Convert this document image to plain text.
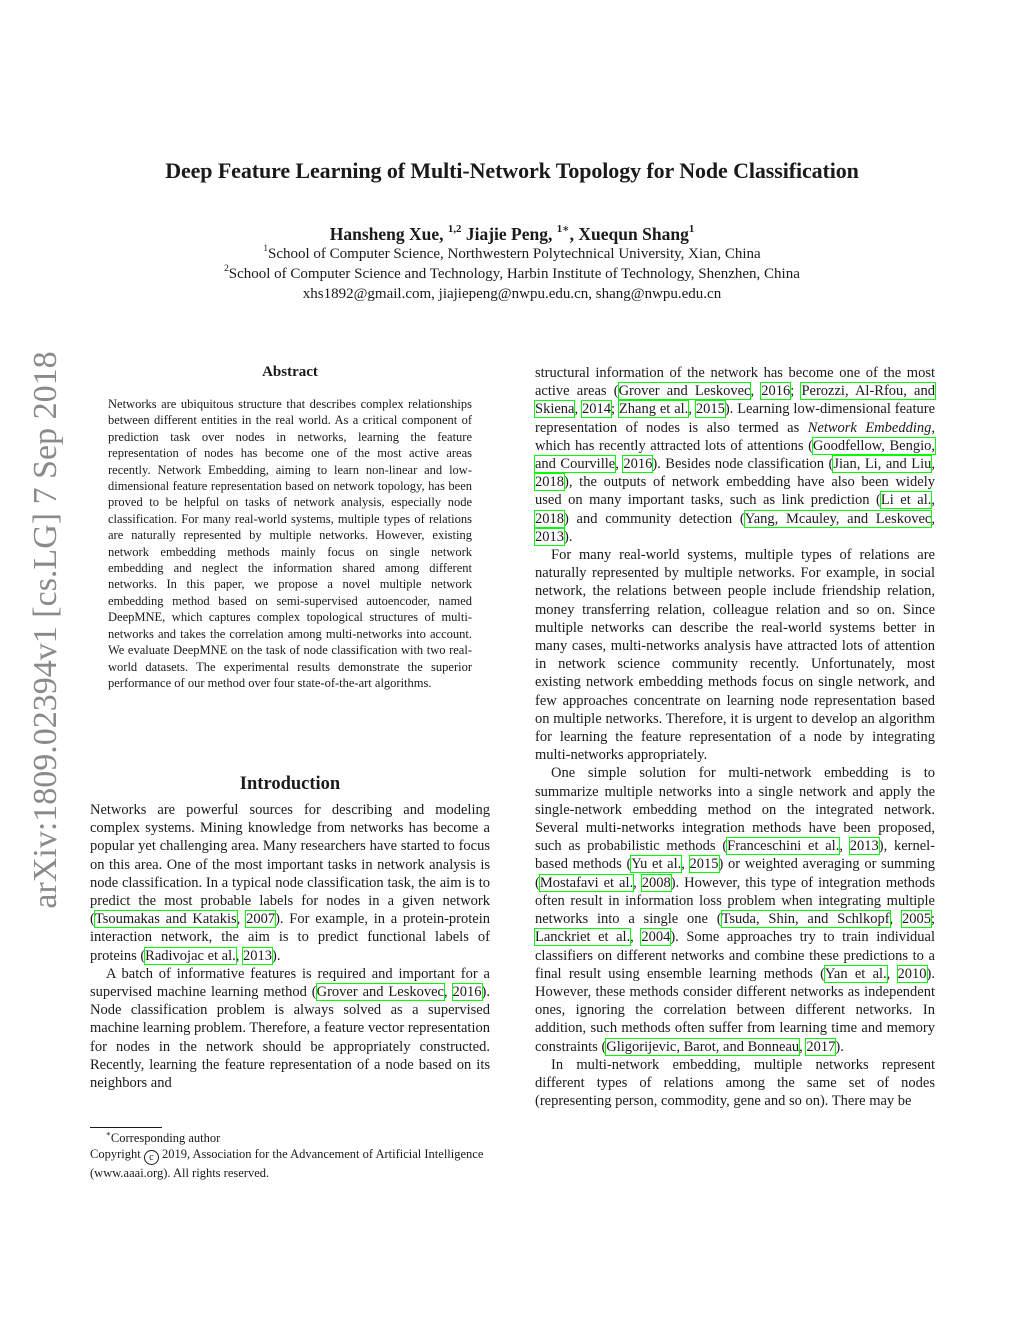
Deep Feature Learning of Multi-Network Topology for Node Classification
Hansheng Xue, $^{1,2}$ Jiajie Peng, $^{1∗}$, Xuequn Shang$^1$
$^1$School of Computer Science, Northwestern Polytechnical University, Xian, China
$^2$School of Computer Science and Technology, Harbin Institute of Technology, Shenzhen, China
xhs1892@gmail.com, jiajiepeng@nwpu.edu.cn, shang@nwpu.edu.cn
arXiv:1809.02394v1 [cs.LG] 7 Sep 2018	Abstract

Networks are ubiquitous structure that describes complex relationships between different entities in the real world. As a critical component of prediction task over nodes in networks, learning the feature representation of nodes has become one of the most active areas recently. Network Embedding, aiming to learn non-linear and low-dimensional feature representation based on network topology, has been proved to be helpful on tasks of network analysis, especially node classification. For many real-world systems, multiple types of relations are naturally represented by multiple networks. However, existing network embedding methods mainly focus on single network embedding and neglect the information shared among different networks. In this paper, we propose a novel multiple network embedding method based on semi-supervised autoencoder, named DeepMNE, which captures complex topological structures of multi-networks and takes the correlation among multi-networks into account. We evaluate DeepMNE on the task of node classification with two real-world datasets. The experimental results demonstrate the superior performance of our method over four state-of-the-art algorithms.

Introduction

Networks are powerful sources for describing and modeling complex systems. Mining knowledge from networks has become a popular yet challenging area. Many researchers have started to focus on this area. One of the most important tasks in network analysis is node classification. In a typical node classification task, the aim is to predict the most probable labels for nodes in a given network (Tsoumakas and Katakis, 2007). For example, in a protein-protein interaction network, the aim is to predict functional labels of proteins (Radivojac et al., 2013).

A batch of informative features is required and important for a supervised machine learning method (Grover and Leskovec, 2016). Node classification problem is always solved as a supervised machine learning problem. Therefore, a feature vector representation for nodes in the network should be appropriately constructed. Recently, learning the feature representation of a node based on its neighbors and

∗Corresponding author
Copyright c 2019, Association for the Advancement of Artificial Intelligence (www.aaai.org). All rights reserved.

structural information of the network has become one of the most active areas (Grover and Leskovec, 2016; Perozzi, Al-Rfou, and Skiena, 2014; Zhang et al., 2015). Learning low-dimensional feature representation of nodes is also termed as Network Embedding, which has recently attracted lots of attentions (Goodfellow, Bengio, and Courville, 2016). Besides node classification (Jian, Li, and Liu, 2018), the outputs of network embedding have also been widely used on many important tasks, such as link prediction (Li et al., 2018) and community detection (Yang, Mcauley, and Leskovec, 2013).

For many real-world systems, multiple types of relations are naturally represented by multiple networks. For example, in social network, the relations between people include friendship relation, money transferring relation, colleague relation and so on. Since multiple networks can describe the real-world systems better in many cases, multi-networks analysis have attracted lots of attention in network science community recently. Unfortunately, most existing network embedding methods focus on single network, and few approaches concentrate on learning node representation based on multiple networks. Therefore, it is urgent to develop an algorithm for learning the feature representation of a node by integrating multi-networks appropriately.

One simple solution for multi-network embedding is to summarize multiple networks into a single network and apply the single-network embedding method on the integrated network. Several multi-networks integration methods have been proposed, such as probabilistic methods (Franceschini et al., 2013), kernel-based methods (Yu et al., 2015) or weighted averaging or summing (Mostafavi et al., 2008). However, this type of integration methods often result in information loss problem when integrating multiple networks into a single one (Tsuda, Shin, and Schlkopf, 2005; Lanckriet et al., 2004). Some approaches try to train individual classifiers on different networks and combine these predictions to a final result using ensemble learning methods (Yan et al., 2010). However, these methods consider different networks as independent ones, ignoring the correlation between different networks. In addition, such methods often suffer from learning time and memory constraints (Gligorijevic, Barot, and Bonneau, 2017).

In multi-network embedding, multiple networks represent different types of relations among the same set of nodes (representing person, commodity, gene and so on). There may be
